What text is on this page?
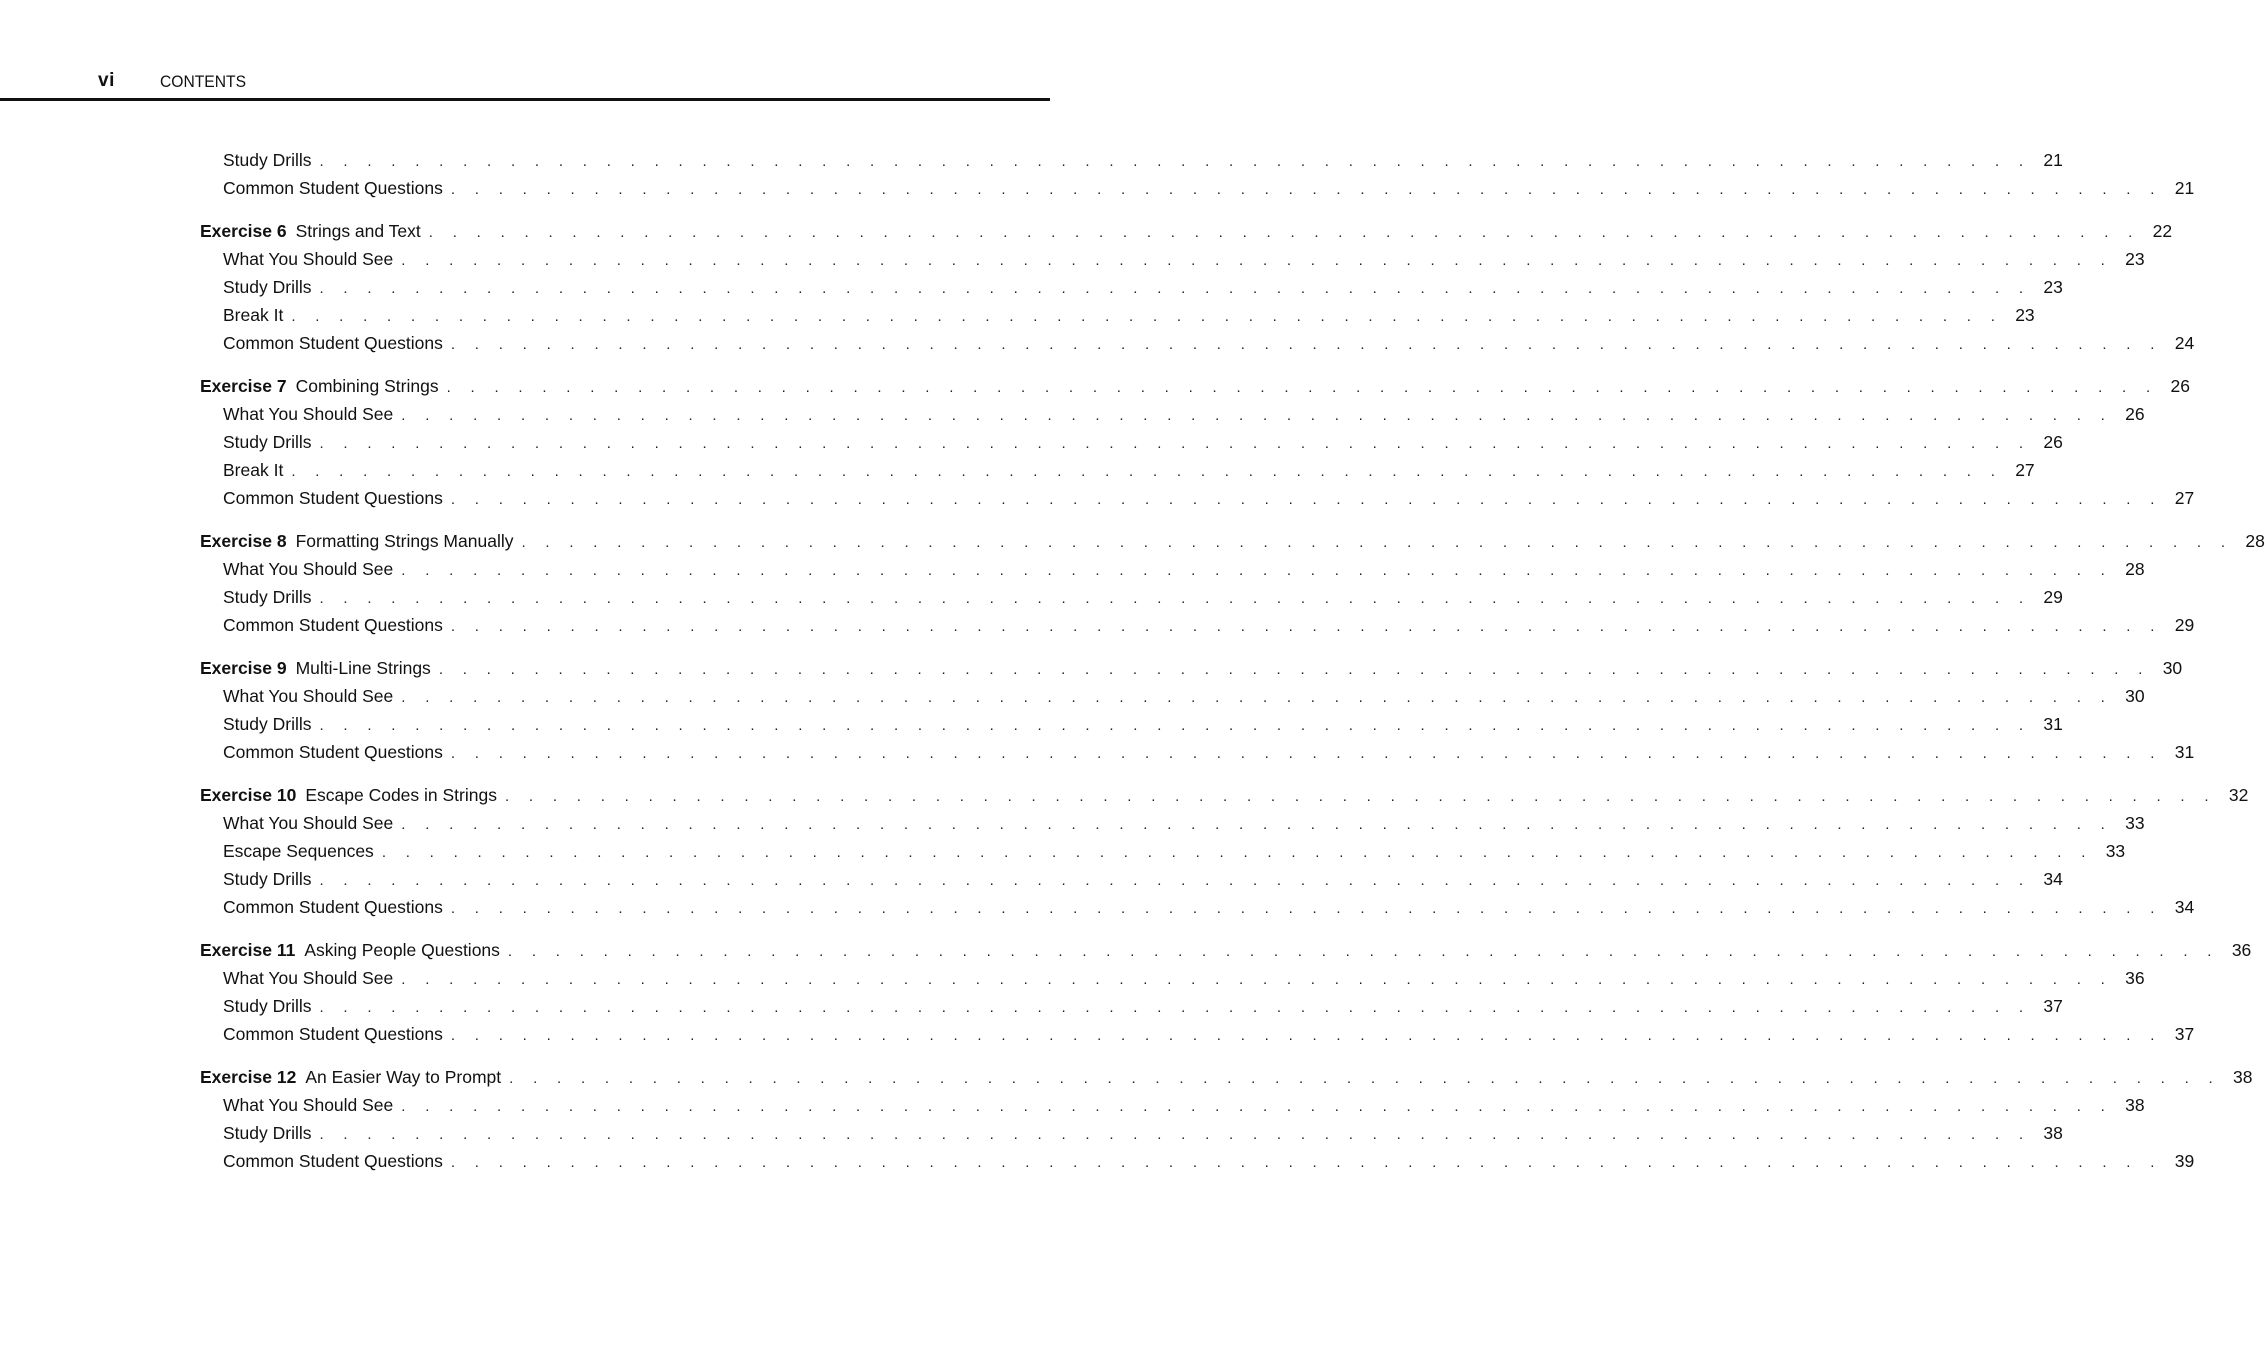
vi	CONTENTS
Study Drills . . . . . . . . . . . . . . . . . . . . . . . . . . . . . . . . . . . . . . . . . . . . . . . . . . . . . . . . . . . . . . . . . . . . . . . . 21
Common Student Questions . . . . . . . . . . . . . . . . . . . . . . . . . . . . . . . . . . . . . . . . . . . . . . . . . . . . . . . . . . . . . . . . . . . . . . . . 21
Exercise 6 Strings and Text . . . . . . . . . . . . . . . . . . . . . . . . . . . . . . . . . . . . . . . . . . . . . . . . . . . . . . . . . . . . . . . . . . . . . . . . 22
What You Should See . . . . . . . . . . . . . . . . . . . . . . . . . . . . . . . . . . . . . . . . . . . . . . . . . . . . . . . . . . . . . . . . . . . . . . . . 23
Study Drills . . . . . . . . . . . . . . . . . . . . . . . . . . . . . . . . . . . . . . . . . . . . . . . . . . . . . . . . . . . . . . . . . . . . . . . . 23
Break It . . . . . . . . . . . . . . . . . . . . . . . . . . . . . . . . . . . . . . . . . . . . . . . . . . . . . . . . . . . . . . . . . . . . . . . . 23
Common Student Questions . . . . . . . . . . . . . . . . . . . . . . . . . . . . . . . . . . . . . . . . . . . . . . . . . . . . . . . . . . . . . . . . . . . . . . . . 24
Exercise 7 Combining Strings . . . . . . . . . . . . . . . . . . . . . . . . . . . . . . . . . . . . . . . . . . . . . . . . . . . . . . . . . . . . . . . . . . . . . . . . 26
What You Should See . . . . . . . . . . . . . . . . . . . . . . . . . . . . . . . . . . . . . . . . . . . . . . . . . . . . . . . . . . . . . . . . . . . . . . . . 26
Study Drills . . . . . . . . . . . . . . . . . . . . . . . . . . . . . . . . . . . . . . . . . . . . . . . . . . . . . . . . . . . . . . . . . . . . . . . . 26
Break It . . . . . . . . . . . . . . . . . . . . . . . . . . . . . . . . . . . . . . . . . . . . . . . . . . . . . . . . . . . . . . . . . . . . . . . . 27
Common Student Questions . . . . . . . . . . . . . . . . . . . . . . . . . . . . . . . . . . . . . . . . . . . . . . . . . . . . . . . . . . . . . . . . . . . . . . . . 27
Exercise 8 Formatting Strings Manually . . . . . . . . . . . . . . . . . . . . . . . . . . . . . . . . . . . . . . . . . . . . . . . . . . . . . . . . . . . . . . . . . . . . . . . . 28
What You Should See . . . . . . . . . . . . . . . . . . . . . . . . . . . . . . . . . . . . . . . . . . . . . . . . . . . . . . . . . . . . . . . . . . . . . . . . 28
Study Drills . . . . . . . . . . . . . . . . . . . . . . . . . . . . . . . . . . . . . . . . . . . . . . . . . . . . . . . . . . . . . . . . . . . . . . . . 29
Common Student Questions . . . . . . . . . . . . . . . . . . . . . . . . . . . . . . . . . . . . . . . . . . . . . . . . . . . . . . . . . . . . . . . . . . . . . . . . 29
Exercise 9 Multi-Line Strings . . . . . . . . . . . . . . . . . . . . . . . . . . . . . . . . . . . . . . . . . . . . . . . . . . . . . . . . . . . . . . . . . . . . . . . . 30
What You Should See . . . . . . . . . . . . . . . . . . . . . . . . . . . . . . . . . . . . . . . . . . . . . . . . . . . . . . . . . . . . . . . . . . . . . . . . 30
Study Drills . . . . . . . . . . . . . . . . . . . . . . . . . . . . . . . . . . . . . . . . . . . . . . . . . . . . . . . . . . . . . . . . . . . . . . . . 31
Common Student Questions . . . . . . . . . . . . . . . . . . . . . . . . . . . . . . . . . . . . . . . . . . . . . . . . . . . . . . . . . . . . . . . . . . . . . . . . 31
Exercise 10 Escape Codes in Strings . . . . . . . . . . . . . . . . . . . . . . . . . . . . . . . . . . . . . . . . . . . . . . . . . . . . . . . . . . . . . . . . . . . . . . . . 32
What You Should See . . . . . . . . . . . . . . . . . . . . . . . . . . . . . . . . . . . . . . . . . . . . . . . . . . . . . . . . . . . . . . . . . . . . . . . . 33
Escape Sequences . . . . . . . . . . . . . . . . . . . . . . . . . . . . . . . . . . . . . . . . . . . . . . . . . . . . . . . . . . . . . . . . . . . . . . . . 33
Study Drills . . . . . . . . . . . . . . . . . . . . . . . . . . . . . . . . . . . . . . . . . . . . . . . . . . . . . . . . . . . . . . . . . . . . . . . . 34
Common Student Questions . . . . . . . . . . . . . . . . . . . . . . . . . . . . . . . . . . . . . . . . . . . . . . . . . . . . . . . . . . . . . . . . . . . . . . . . 34
Exercise 11 Asking People Questions . . . . . . . . . . . . . . . . . . . . . . . . . . . . . . . . . . . . . . . . . . . . . . . . . . . . . . . . . . . . . . . . . . . . . . . . 36
What You Should See . . . . . . . . . . . . . . . . . . . . . . . . . . . . . . . . . . . . . . . . . . . . . . . . . . . . . . . . . . . . . . . . . . . . . . . . 36
Study Drills . . . . . . . . . . . . . . . . . . . . . . . . . . . . . . . . . . . . . . . . . . . . . . . . . . . . . . . . . . . . . . . . . . . . . . . . 37
Common Student Questions . . . . . . . . . . . . . . . . . . . . . . . . . . . . . . . . . . . . . . . . . . . . . . . . . . . . . . . . . . . . . . . . . . . . . . . . 37
Exercise 12 An Easier Way to Prompt . . . . . . . . . . . . . . . . . . . . . . . . . . . . . . . . . . . . . . . . . . . . . . . . . . . . . . . . . . . . . . . . . . . . . . . . 38
What You Should See . . . . . . . . . . . . . . . . . . . . . . . . . . . . . . . . . . . . . . . . . . . . . . . . . . . . . . . . . . . . . . . . . . . . . . . . 38
Study Drills . . . . . . . . . . . . . . . . . . . . . . . . . . . . . . . . . . . . . . . . . . . . . . . . . . . . . . . . . . . . . . . . . . . . . . . . 38
Common Student Questions . . . . . . . . . . . . . . . . . . . . . . . . . . . . . . . . . . . . . . . . . . . . . . . . . . . . . . . . . . . . . . . . . . . . . . . . 39
